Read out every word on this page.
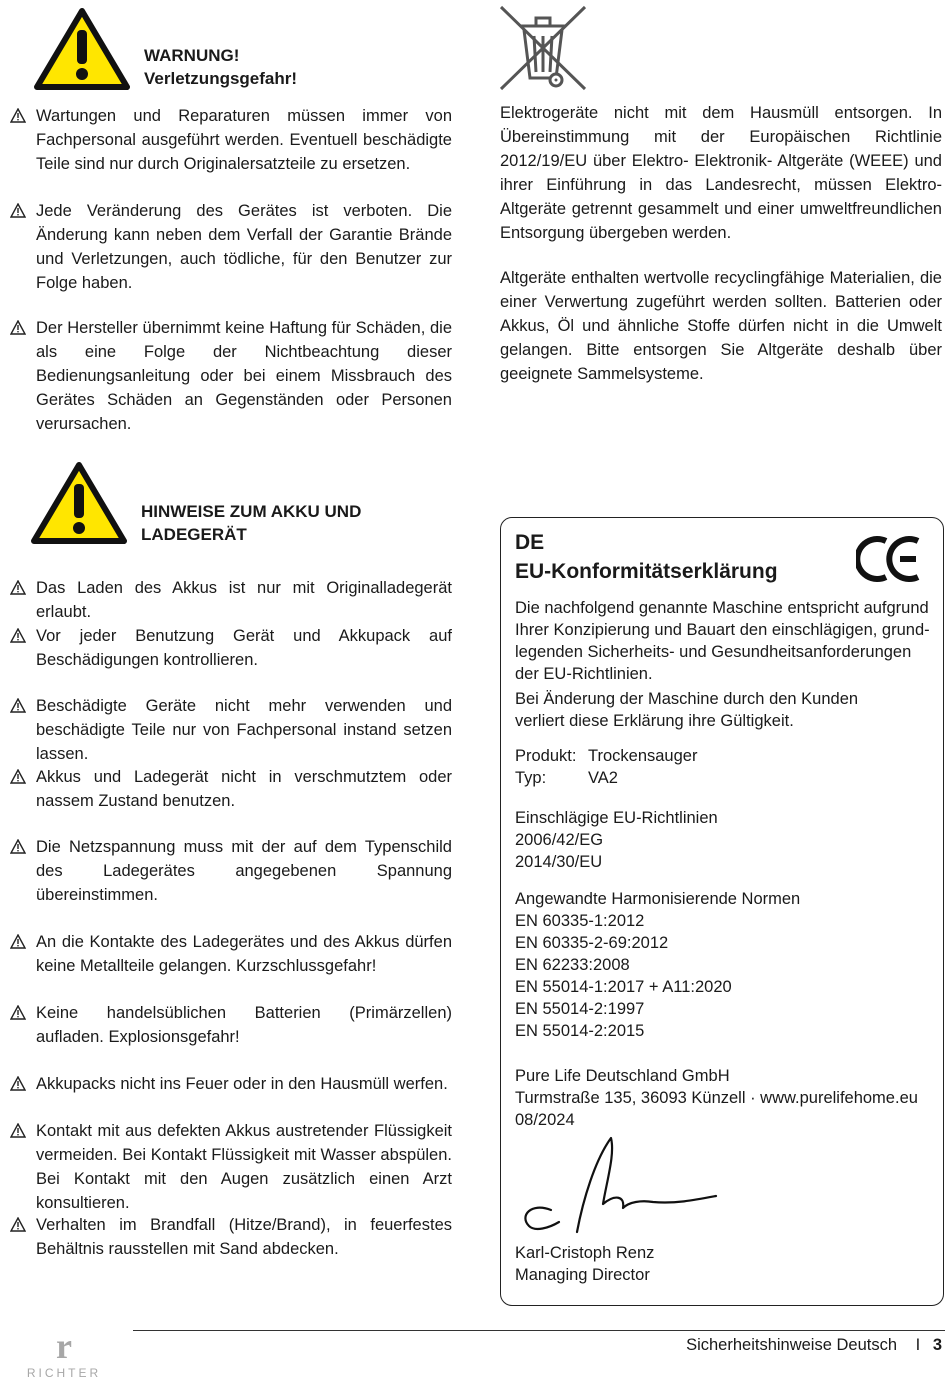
WARNUNG!
Verletzungsgefahr!
Wartungen und Reparaturen müssen immer von Fachpersonal ausgeführt werden. Eventuell beschädigte Teile sind nur durch Originalersatzteile zu ersetzen.
Jede Veränderung des Gerätes ist verboten. Die Änderung kann neben dem Verfall der Garantie Brände und Verletzungen, auch tödliche, für den Benutzer zur Folge haben.
Der Hersteller übernimmt keine Haftung für Schäden, die als eine Folge der Nichtbeachtung dieser Bedienungsanleitung oder bei einem Missbrauch des Gerätes Schäden an Gegenständen oder Personen verursachen.
Elektrogeräte nicht mit dem Hausmüll entsorgen. In Übereinstimmung mit der Europäischen Richtlinie 2012/19/EU über Elektro- Elektronik- Altgeräte (WEEE) und ihrer Einführung in das Landesrecht, müssen Elektro-Altgeräte getrennt gesammelt und einer umweltfreundlichen Entsorgung übergeben werden.
Altgeräte enthalten wertvolle recyclingfähige Materialien, die einer Verwertung zugeführt werden sollten. Batterien oder Akkus, Öl und ähnliche Stoffe dürfen nicht in die Umwelt gelangen. Bitte entsorgen Sie Altgeräte deshalb über geeignete Sammelsysteme.
HINWEISE ZUM AKKU UND
LADEGERÄT
Das Laden des Akkus ist nur mit Originalladegerät erlaubt.
Vor jeder Benutzung Gerät und Akkupack auf Beschädigungen kontrollieren.
Beschädigte Geräte nicht mehr verwenden und beschädigte Teile nur von Fachpersonal instand setzen lassen.
Akkus und Ladegerät nicht in verschmutztem oder nassem Zustand benutzen.
Die Netzspannung muss mit der auf dem Typenschild des Ladegerätes angegebenen Spannung übereinstimmen.
An die Kontakte des Ladegerätes und des Akkus dürfen keine Metallteile gelangen. Kurzschlussgefahr!
Keine handelsüblichen Batterien (Primärzellen) aufladen. Explosionsgefahr!
Akkupacks nicht ins Feuer oder in den Hausmüll werfen.
Kontakt mit aus defekten Akkus austretender Flüssigkeit vermeiden. Bei Kontakt Flüssigkeit mit Wasser abspülen. Bei Kontakt mit den Augen zusätzlich einen Arzt konsultieren.
Verhalten im Brandfall (Hitze/Brand), in feuerfestes Behältnis rausstellen mit Sand abdecken.
DE
EU-Konformitätserklärung
Die nachfolgend genannte Maschine entspricht aufgrund
Ihrer Konzipierung und Bauart den einschlägigen, grund-
legenden Sicherheits- und Gesundheitsanforderungen
der EU-Richtlinien.
Bei Änderung der Maschine durch den Kunden
verliert diese Erklärung ihre Gültigkeit.
Produkt: Trockensauger
Typ:	VA2
Einschlägige EU-Richtlinien
2006/42/EG
2014/30/EU
Angewandte Harmonisierende Normen
EN 60335-1:2012
EN 60335-2-69:2012
EN 62233:2008
EN 55014-1:2017 + A11:2020
EN 55014-2:1997
EN 55014-2:2015
Pure Life Deutschland GmbH
Turmstraße 135, 36093 Künzell · www.purelifehome.eu
08/2024
Karl-Cristoph Renz
Managing Director
r
RICHTER
Sicherheitshinweise Deutsch I 3
